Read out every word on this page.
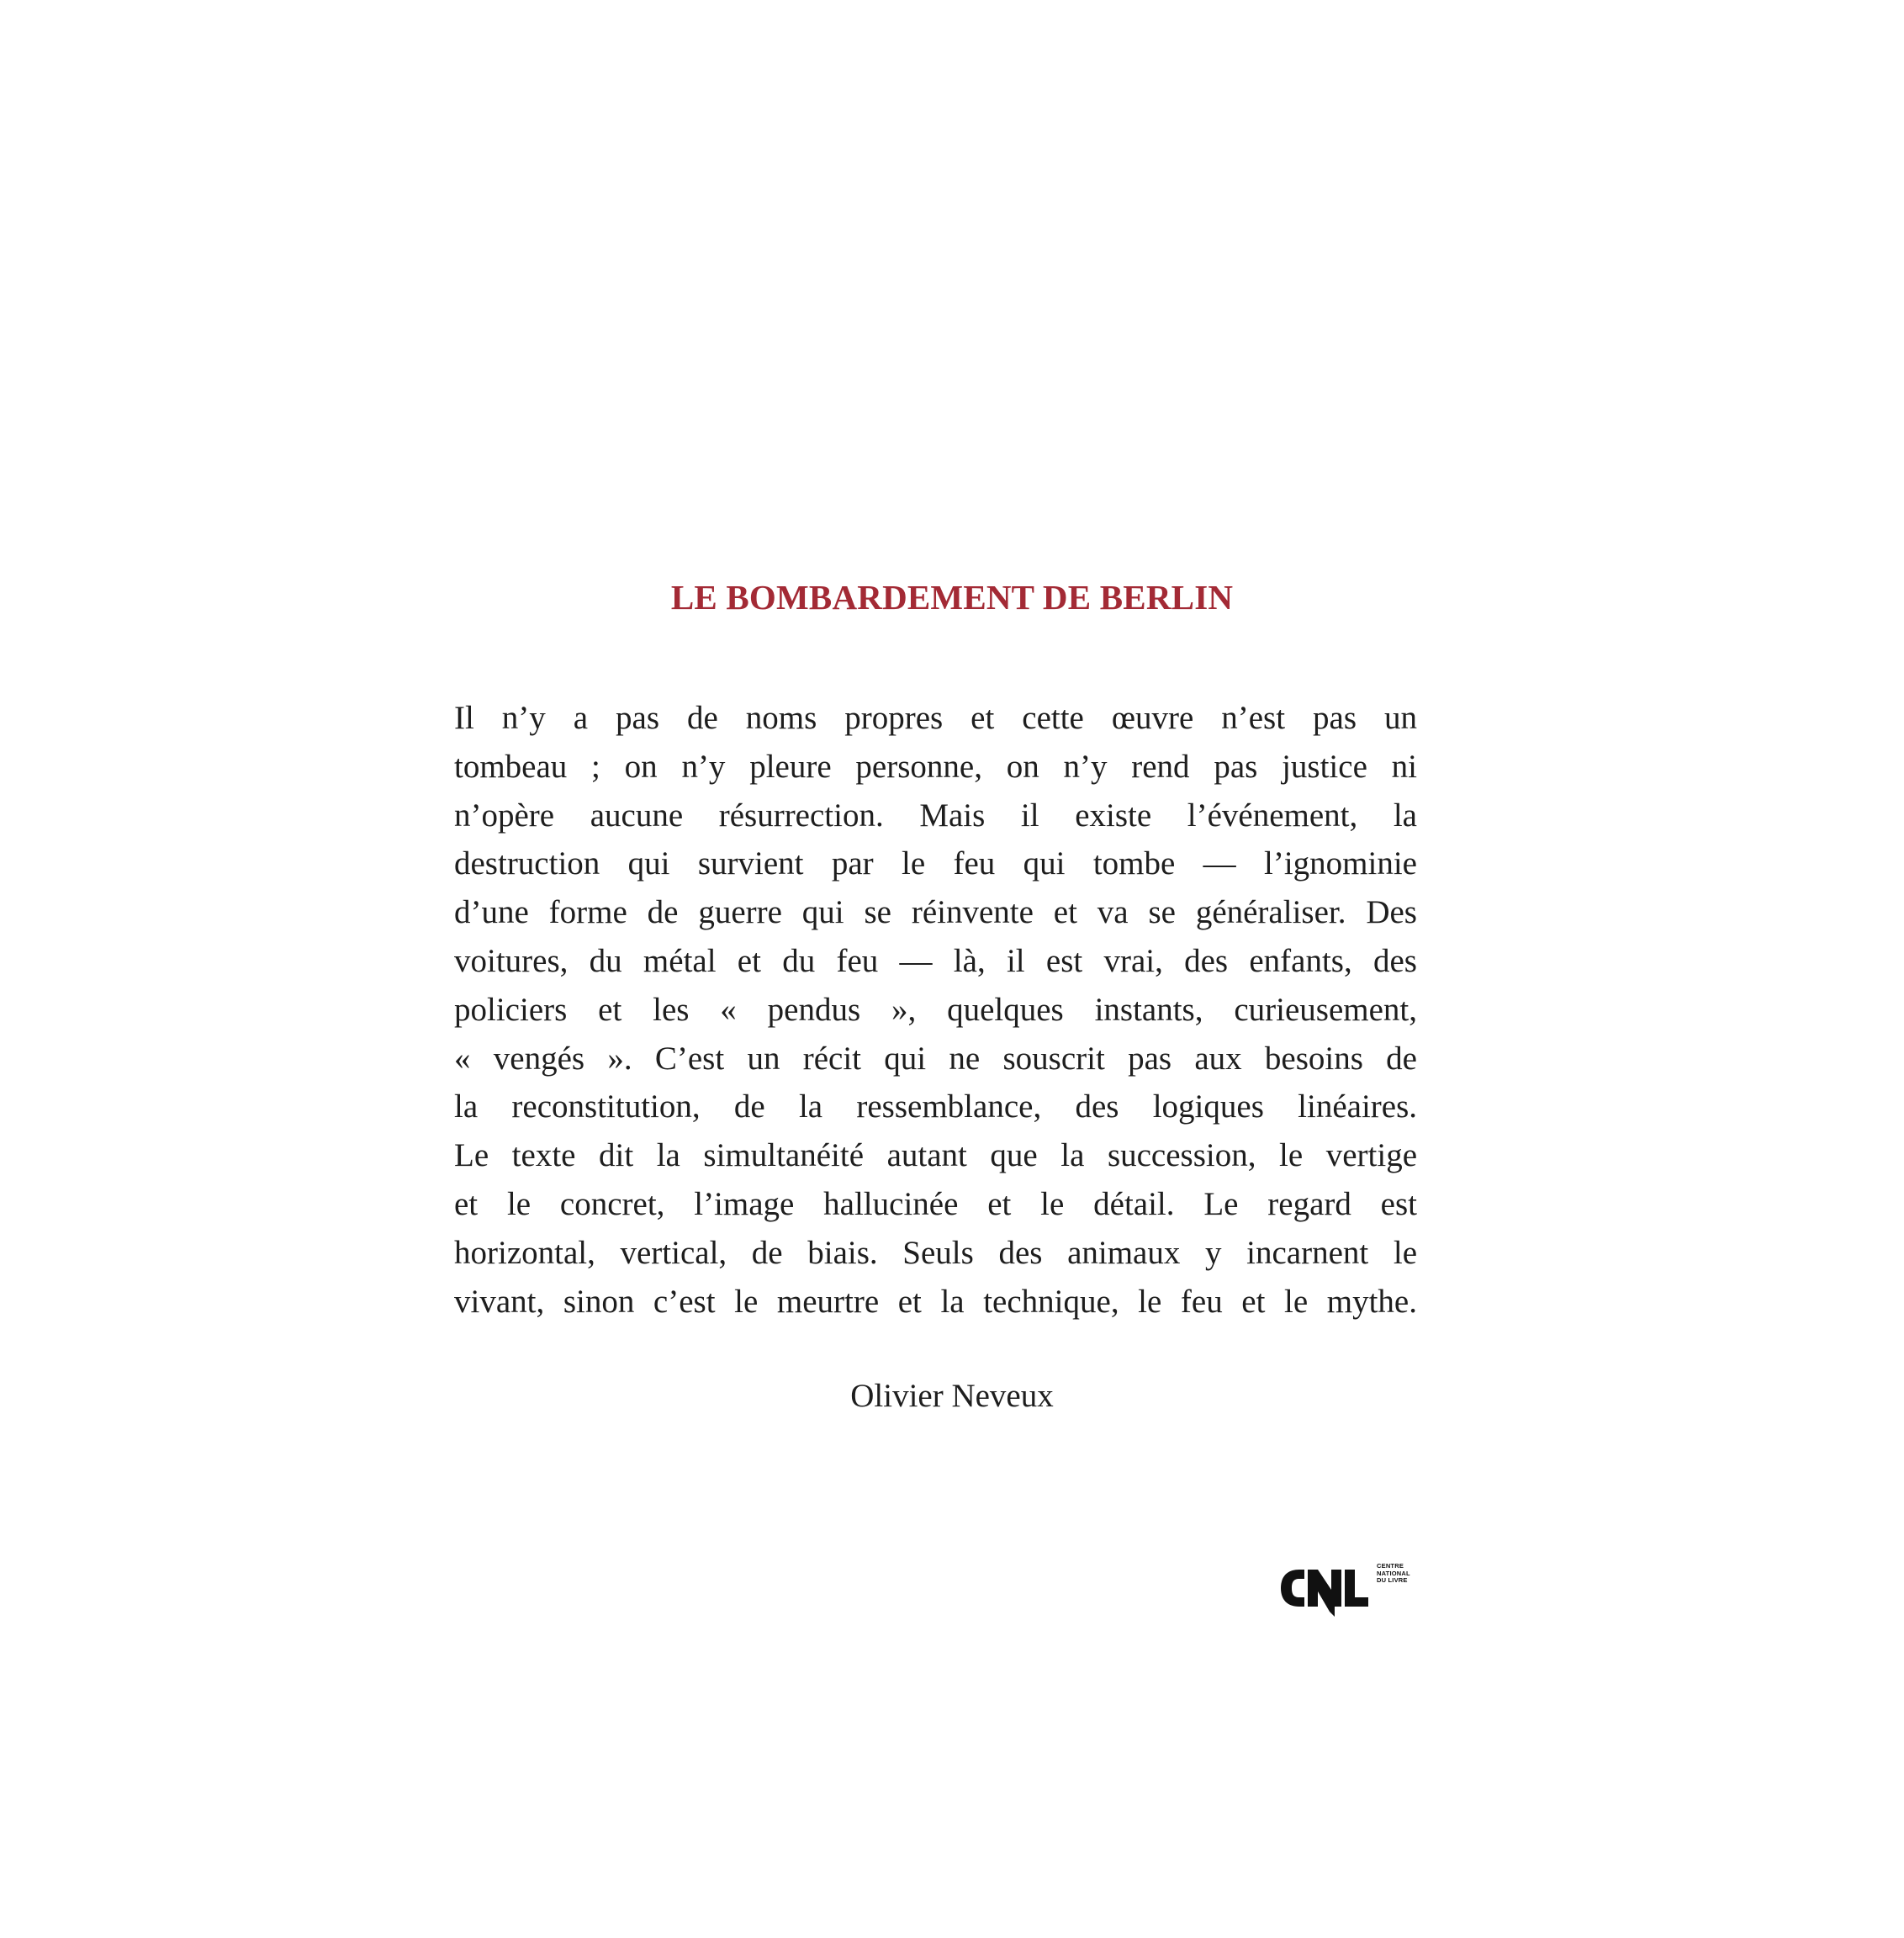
LE BOMBARDEMENT DE BERLIN
Il n’y a pas de noms propres et cette œuvre n’est pas un
tombeau ; on n’y pleure personne, on n’y rend pas justice ni
n’opère aucune résurrection. Mais il existe l’événement, la
destruction qui survient par le feu qui tombe — l’ignominie
d’une forme de guerre qui se réinvente et va se généraliser. Des
voitures, du métal et du feu — là, il est vrai, des enfants, des
policiers et les « pendus », quelques instants, curieusement,
« vengés ». C’est un récit qui ne souscrit pas aux besoins de
la reconstitution, de la ressemblance, des logiques linéaires.
Le texte dit la simultanéité autant que la succession, le vertige
et le concret, l’image hallucinée et le détail. Le regard est
horizontal, vertical, de biais. Seuls des animaux y incarnent le
vivant, sinon c’est le meurtre et la technique, le feu et le mythe.
Olivier Neveux
CENTRE
NATIONAL
DU LIVRE
